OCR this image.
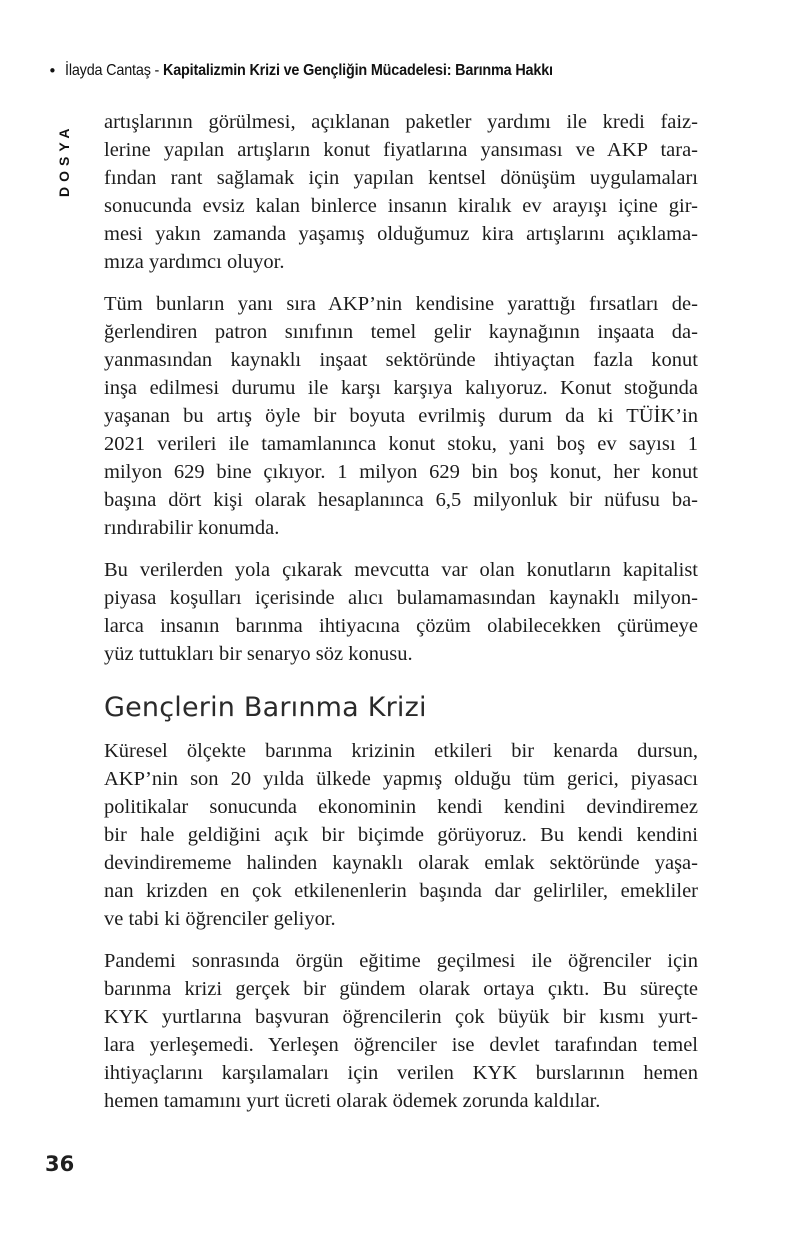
• İlayda Cantaş - Kapitalizmin Krizi ve Gençliğin Mücadelesi: Barınma Hakkı
DOSYA
artışlarının görülmesi, açıklanan paketler yardımı ile kredi faiz-
lerine yapılan artışların konut fiyatlarına yansıması ve AKP tara-
fından rant sağlamak için yapılan kentsel dönüşüm uygulamaları
sonucunda evsiz kalan binlerce insanın kiralık ev arayışı içine gir-
mesi yakın zamanda yaşamış olduğumuz kira artışlarını açıklama-
mıza yardımcı oluyor.
Tüm bunların yanı sıra AKP’nin kendisine yarattığı fırsatları de-
ğerlendiren patron sınıfının temel gelir kaynağının inşaata da-
yanmasından kaynaklı inşaat sektöründe ihtiyaçtan fazla konut
inşa edilmesi durumu ile karşı karşıya kalıyoruz. Konut stoğunda
yaşanan bu artış öyle bir boyuta evrilmiş durum da ki TÜİK’in
2021 verileri ile tamamlanınca konut stoku, yani boş ev sayısı 1
milyon 629 bine çıkıyor. 1 milyon 629 bin boş konut, her konut
başına dört kişi olarak hesaplanınca 6,5 milyonluk bir nüfusu ba-
rındırabilir konumda.
Bu verilerden yola çıkarak mevcutta var olan konutların kapitalist
piyasa koşulları içerisinde alıcı bulamamasından kaynaklı milyon-
larca insanın barınma ihtiyacına çözüm olabilecekken çürümeye
yüz tuttukları bir senaryo söz konusu.
Gençlerin Barınma Krizi
Küresel ölçekte barınma krizinin etkileri bir kenarda dursun,
AKP’nin son 20 yılda ülkede yapmış olduğu tüm gerici, piyasacı
politikalar sonucunda ekonominin kendi kendini devindiremez
bir hale geldiğini açık bir biçimde görüyoruz. Bu kendi kendini
devindirememe halinden kaynaklı olarak emlak sektöründe yaşa-
nan krizden en çok etkilenenlerin başında dar gelirliler, emekliler
ve tabi ki öğrenciler geliyor.
Pandemi sonrasında örgün eğitime geçilmesi ile öğrenciler için
barınma krizi gerçek bir gündem olarak ortaya çıktı. Bu süreçte
KYK yurtlarına başvuran öğrencilerin çok büyük bir kısmı yurt-
lara yerleşemedi. Yerleşen öğrenciler ise devlet tarafından temel
ihtiyaçlarını karşılamaları için verilen KYK burslarının hemen
hemen tamamını yurt ücreti olarak ödemek zorunda kaldılar.
36
